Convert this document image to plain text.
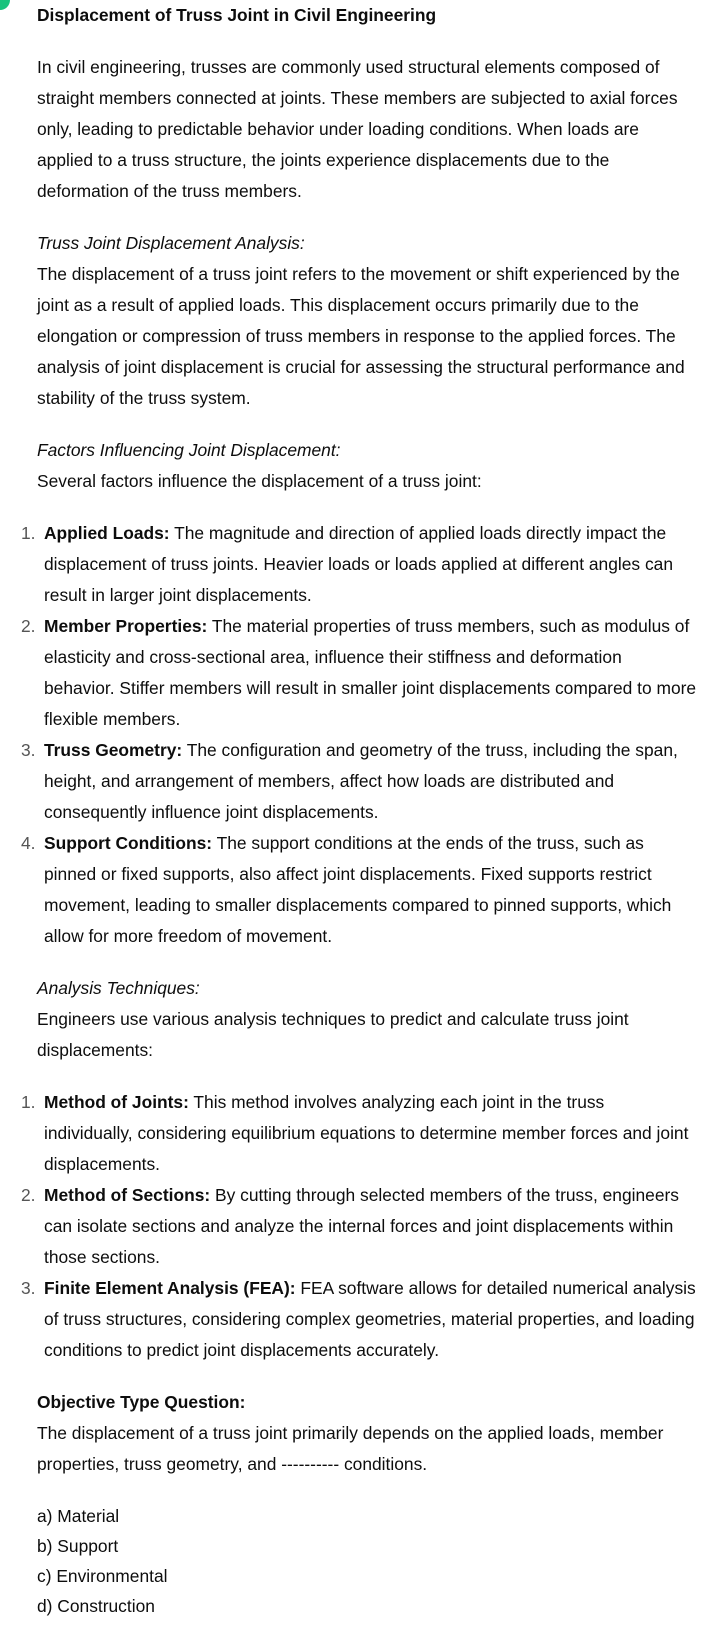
Displacement of Truss Joint in Civil Engineering

In civil engineering, trusses are commonly used structural elements composed of straight members connected at joints. These members are subjected to axial forces only, leading to predictable behavior under loading conditions. When loads are applied to a truss structure, the joints experience displacements due to the deformation of the truss members.

Truss Joint Displacement Analysis:

The displacement of a truss joint refers to the movement or shift experienced by the joint as a result of applied loads. This displacement occurs primarily due to the elongation or compression of truss members in response to the applied forces. The analysis of joint displacement is crucial for assessing the structural performance and stability of the truss system.

Factors Influencing Joint Displacement:

Several factors influence the displacement of a truss joint:

1. Applied Loads: The magnitude and direction of applied loads directly impact the displacement of truss joints. Heavier loads or loads applied at different angles can result in larger joint displacements.
2. Member Properties: The material properties of truss members, such as modulus of elasticity and cross-sectional area, influence their stiffness and deformation behavior. Stiffer members will result in smaller joint displacements compared to more flexible members.
3. Truss Geometry: The configuration and geometry of the truss, including the span, height, and arrangement of members, affect how loads are distributed and consequently influence joint displacements.
4. Support Conditions: The support conditions at the ends of the truss, such as pinned or fixed supports, also affect joint displacements. Fixed supports restrict movement, leading to smaller displacements compared to pinned supports, which allow for more freedom of movement.

Analysis Techniques:

Engineers use various analysis techniques to predict and calculate truss joint displacements:

1. Method of Joints: This method involves analyzing each joint in the truss individually, considering equilibrium equations to determine member forces and joint displacements.
2. Method of Sections: By cutting through selected members of the truss, engineers can isolate sections and analyze the internal forces and joint displacements within those sections.
3. Finite Element Analysis (FEA): FEA software allows for detailed numerical analysis of truss structures, considering complex geometries, material properties, and loading conditions to predict joint displacements accurately.

Objective Type Question:

The displacement of a truss joint primarily depends on the applied loads, member properties, truss geometry, and ---------- conditions.

a) Material
b) Support
c) Environmental
d) Construction
